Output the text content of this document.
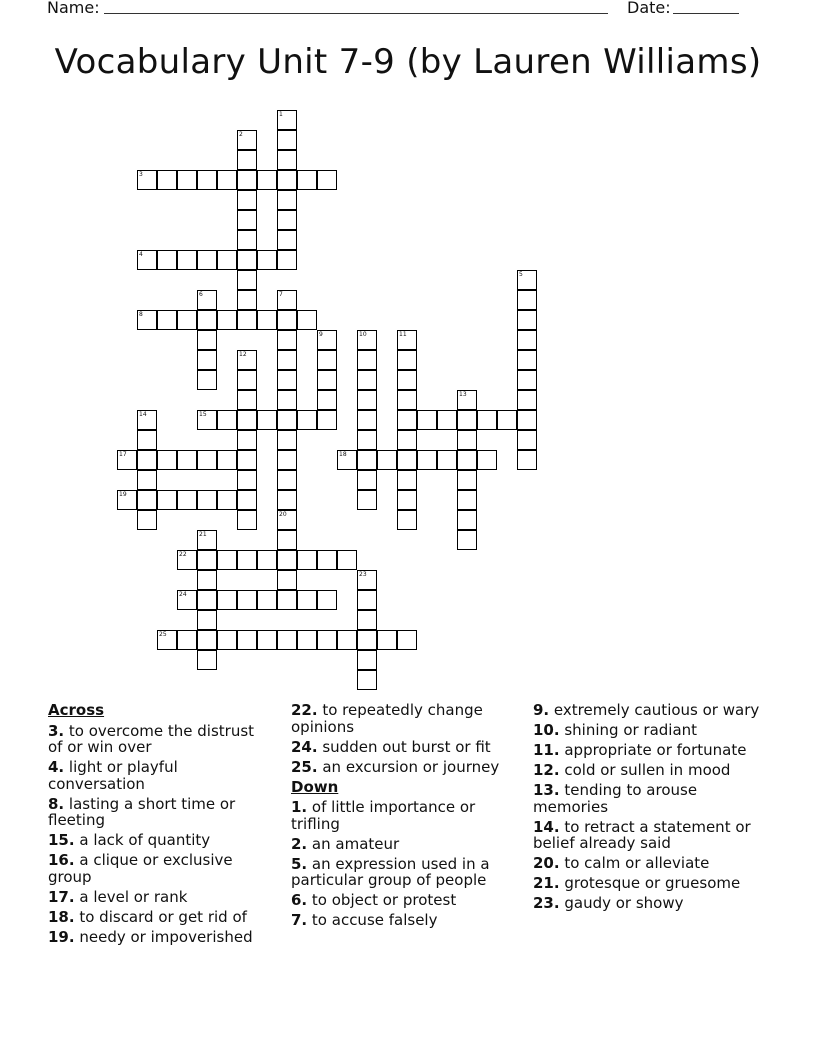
Name:	Date:
Vocabulary Unit 7-9 (by Lauren Williams)
1
2
3
4
5
6	7
8
9	10	11
12
13
14	15
17	18
19
20
21
22
23
24
25
Across
3. to overcome the distrust of or win over
4. light or playful conversation
8. lasting a short time or fleeting
15. a lack of quantity
16. a clique or exclusive group
17. a level or rank
18. to discard or get rid of
19. needy or impoverished
22. to repeatedly change opinions
24. sudden out burst or fit
25. an excursion or journey
Down
1. of little importance or trifling
2. an amateur
5. an expression used in a particular group of people
6. to object or protest
7. to accuse falsely
9. extremely cautious or wary
10. shining or radiant
11. appropriate or fortunate
12. cold or sullen in mood
13. tending to arouse memories
14. to retract a statement or belief already said
20. to calm or alleviate
21. grotesque or gruesome
23. gaudy or showy
